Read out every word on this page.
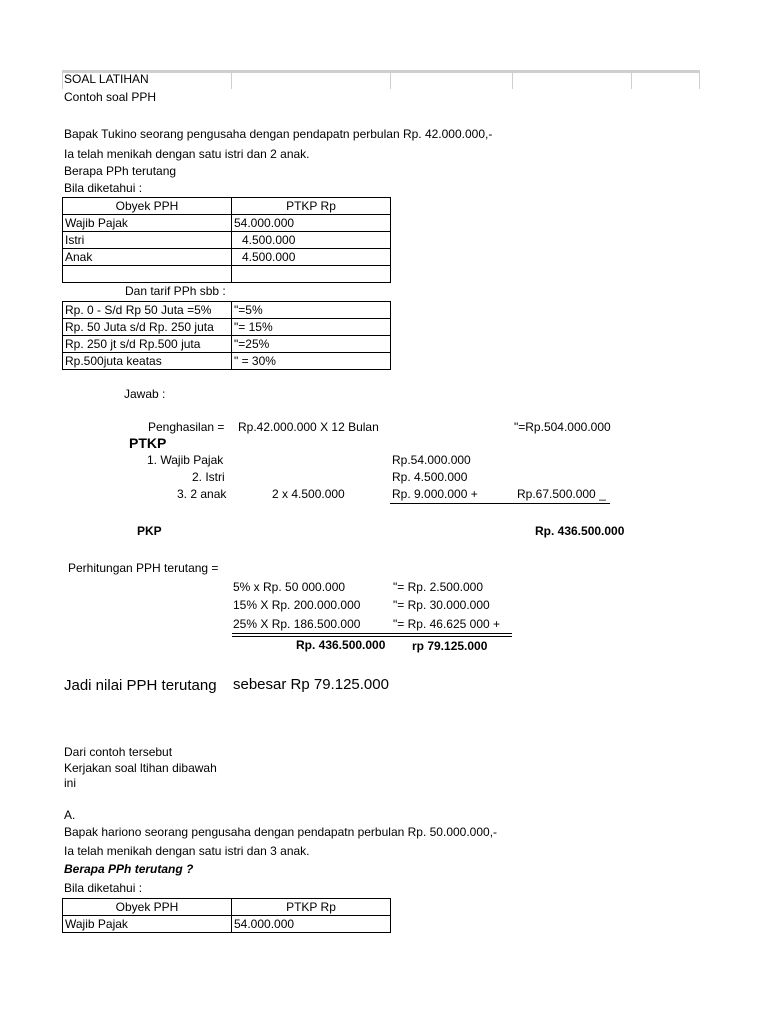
SOAL LATIHAN
Contoh soal PPH
Bapak Tukino seorang pengusaha dengan pendapatn perbulan Rp. 42.000.000,-
Ia telah menikah dengan satu istri dan 2 anak.
Berapa PPh terutang
Bila diketahui :
Obyek PPH	PTKP Rp
Wajib Pajak	54.000.000
Istri	4.500.000
Anak	4.500.000

Dan tarif PPh sbb :
Rp. 0 - S/d Rp 50 Juta =5%	"=5%
Rp. 50 Juta s/d Rp. 250 juta	"= 15%
Rp. 250 jt s/d Rp.500 juta	"=25%
Rp.500juta keatas	" = 30%
Jawab :
Penghasilan = Rp.42.000.000 X 12 Bulan	"=Rp.504.000.000
PTKP
1. Wajib Pajak	Rp.54.000.000
2. Istri	Rp. 4.500.000
3. 2 anak	2 x 4.500.000	Rp. 9.000.000 +	Rp.67.500.000 _
PKP	Rp. 436.500.000
Perhitungan PPH terutang =
5% x Rp. 50 000.000	"= Rp. 2.500.000
15% X Rp. 200.000.000	"= Rp. 30.000.000
25% X Rp. 186.500.000	"= Rp. 46.625 000 +
Rp. 436.500.000 rp 79.125.000
Jadi nilai PPH terutang sebesar Rp 79.125.000
Dari contoh tersebut
Kerjakan soal ltihan dibawah
ini
A.
Bapak hariono seorang pengusaha dengan pendapatn perbulan Rp. 50.000.000,-
Ia telah menikah dengan satu istri dan 3 anak.
Berapa PPh terutang ?
Bila diketahui :
Obyek PPH	PTKP Rp
Wajib Pajak	54.000.000
